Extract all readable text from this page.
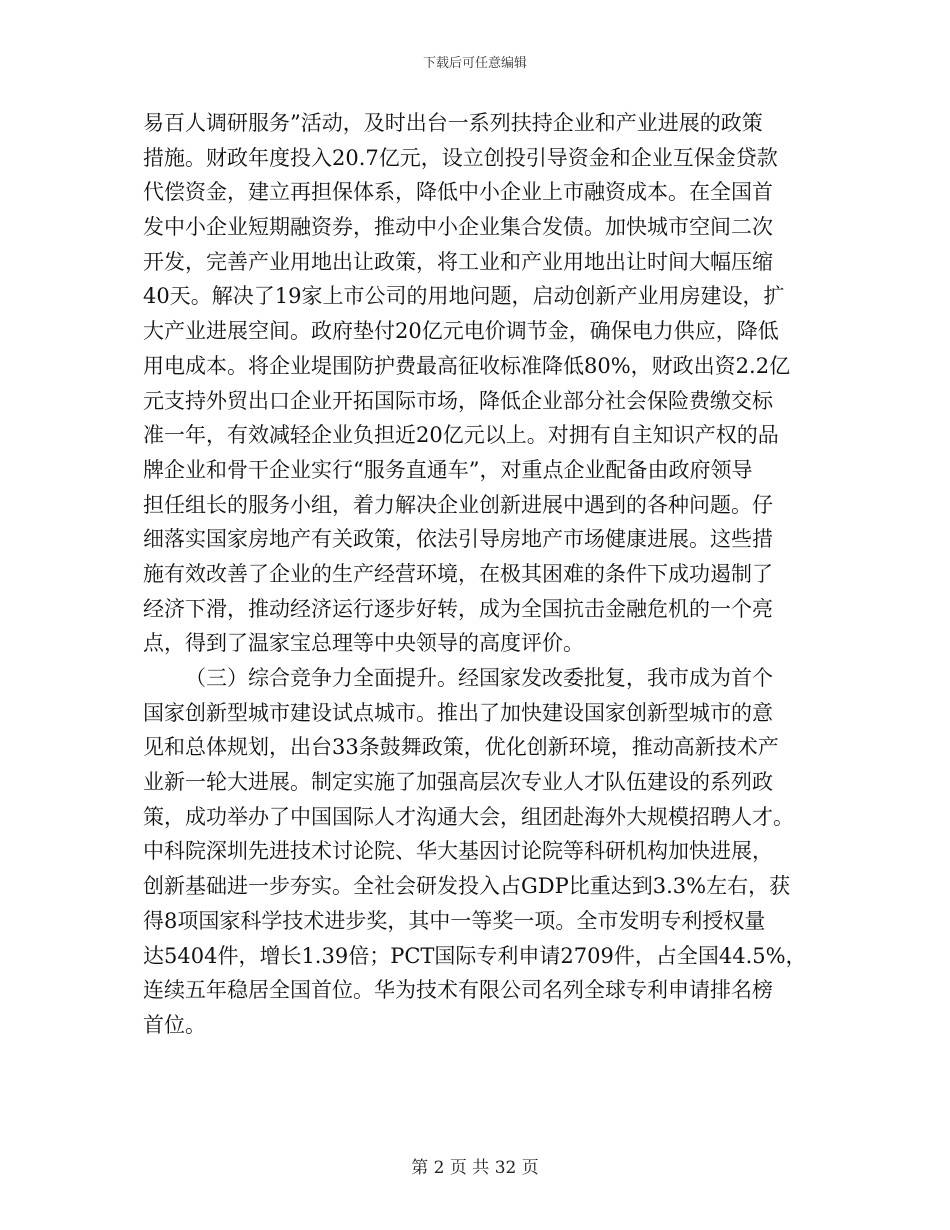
下载后可任意编辑
易百人调研服务”活动，及时出台一系列扶持企业和产业进展的政策
措施。财政年度投入20.7亿元，设立创投引导资金和企业互保金贷款
代偿资金，建立再担保体系，降低中小企业上市融资成本。在全国首
发中小企业短期融资券，推动中小企业集合发债。加快城市空间二次
开发，完善产业用地出让政策，将工业和产业用地出让时间大幅压缩
40天。解决了19家上市公司的用地问题，启动创新产业用房建设，扩
大产业进展空间。政府垫付20亿元电价调节金，确保电力供应，降低
用电成本。将企业堤围防护费最高征收标准降低80%，财政出资2.2亿
元支持外贸出口企业开拓国际市场，降低企业部分社会保险费缴交标
准一年，有效减轻企业负担近20亿元以上。对拥有自主知识产权的品
牌企业和骨干企业实行“服务直通车”，对重点企业配备由政府领导
担任组长的服务小组，着力解决企业创新进展中遇到的各种问题。仔
细落实国家房地产有关政策，依法引导房地产市场健康进展。这些措
施有效改善了企业的生产经营环境，在极其困难的条件下成功遏制了
经济下滑，推动经济运行逐步好转，成为全国抗击金融危机的一个亮
点，得到了温家宝总理等中央领导的高度评价。
（三）综合竞争力全面提升。经国家发改委批复，我市成为首个
国家创新型城市建设试点城市。推出了加快建设国家创新型城市的意
见和总体规划，出台33条鼓舞政策，优化创新环境，推动高新技术产
业新一轮大进展。制定实施了加强高层次专业人才队伍建设的系列政
策，成功举办了中国国际人才沟通大会，组团赴海外大规模招聘人才。
中科院深圳先进技术讨论院、华大基因讨论院等科研机构加快进展，
创新基础进一步夯实。全社会研发投入占GDP比重达到3.3%左右，获
得8项国家科学技术进步奖，其中一等奖一项。全市发明专利授权量
达5404件，增长1.39倍；PCT国际专利申请2709件，占全国44.5%，
连续五年稳居全国首位。华为技术有限公司名列全球专利申请排名榜
首位。
第 2 页 共 32 页
